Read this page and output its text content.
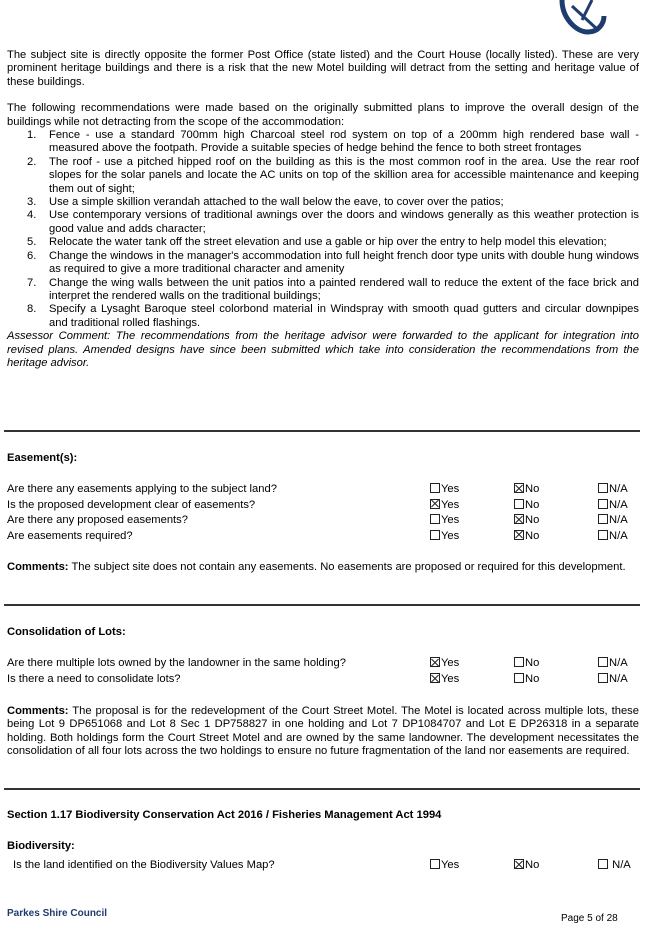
The subject site is directly opposite the former Post Office (state listed) and the Court House (locally listed). These are very prominent heritage buildings and there is a risk that the new Motel building will detract from the setting and heritage value of these buildings.

The following recommendations were made based on the originally submitted plans to improve the overall design of the buildings while not detracting from the scope of the accommodation:

1. Fence - use a standard 700mm high Charcoal steel rod system on top of a 200mm high rendered base wall - measured above the footpath. Provide a suitable species of hedge behind the fence to both street frontages
2. The roof - use a pitched hipped roof on the building as this is the most common roof in the area. Use the rear roof slopes for the solar panels and locate the AC units on top of the skillion area for accessible maintenance and keeping them out of sight;
3. Use a simple skillion verandah attached to the wall below the eave, to cover over the patios;
4. Use contemporary versions of traditional awnings over the doors and windows generally as this weather protection is good value and adds character;
5. Relocate the water tank off the street elevation and use a gable or hip over the entry to help model this elevation;
6. Change the windows in the manager's accommodation into full height french door type units with double hung windows as required to give a more traditional character and amenity
7. Change the wing walls between the unit patios into a painted rendered wall to reduce the extent of the face brick and interpret the rendered walls on the traditional buildings;
8. Specify a Lysaght Baroque steel colorbond material in Windspray with smooth quad gutters and circular downpipes and traditional rolled flashings.

Assessor Comment: The recommendations from the heritage advisor were forwarded to the applicant for integration into revised plans. Amended designs have since been submitted which take into consideration the recommendations from the heritage advisor.

Easement(s):
Are there any easements applying to the subject land?	Yes	No	N/A
Is the proposed development clear of easements?	Yes	No	N/A
Are there any proposed easements?	Yes	No	N/A
Are easements required?	Yes	No	N/A
Comments: The subject site does not contain any easements. No easements are proposed or required for this development.
Consolidation of Lots:
Are there multiple lots owned by the landowner in the same holding?	Yes	No	N/A
Is there a need to consolidate lots?	Yes	No	N/A
Comments: The proposal is for the redevelopment of the Court Street Motel. The Motel is located across multiple lots, these being Lot 9 DP651068 and Lot 8 Sec 1 DP758827 in one holding and Lot 7 DP1084707 and Lot E DP26318 in a separate holding. Both holdings form the Court Street Motel and are owned by the same landowner. The development necessitates the consolidation of all four lots across the two holdings to ensure no future fragmentation of the land nor easements are required.
Section 1.17 Biodiversity Conservation Act 2016 / Fisheries Management Act 1994
Biodiversity:
Is the land identified on the Biodiversity Values Map?	Yes	No	N/A
Parkes Shire Council	Page 5 of 28
